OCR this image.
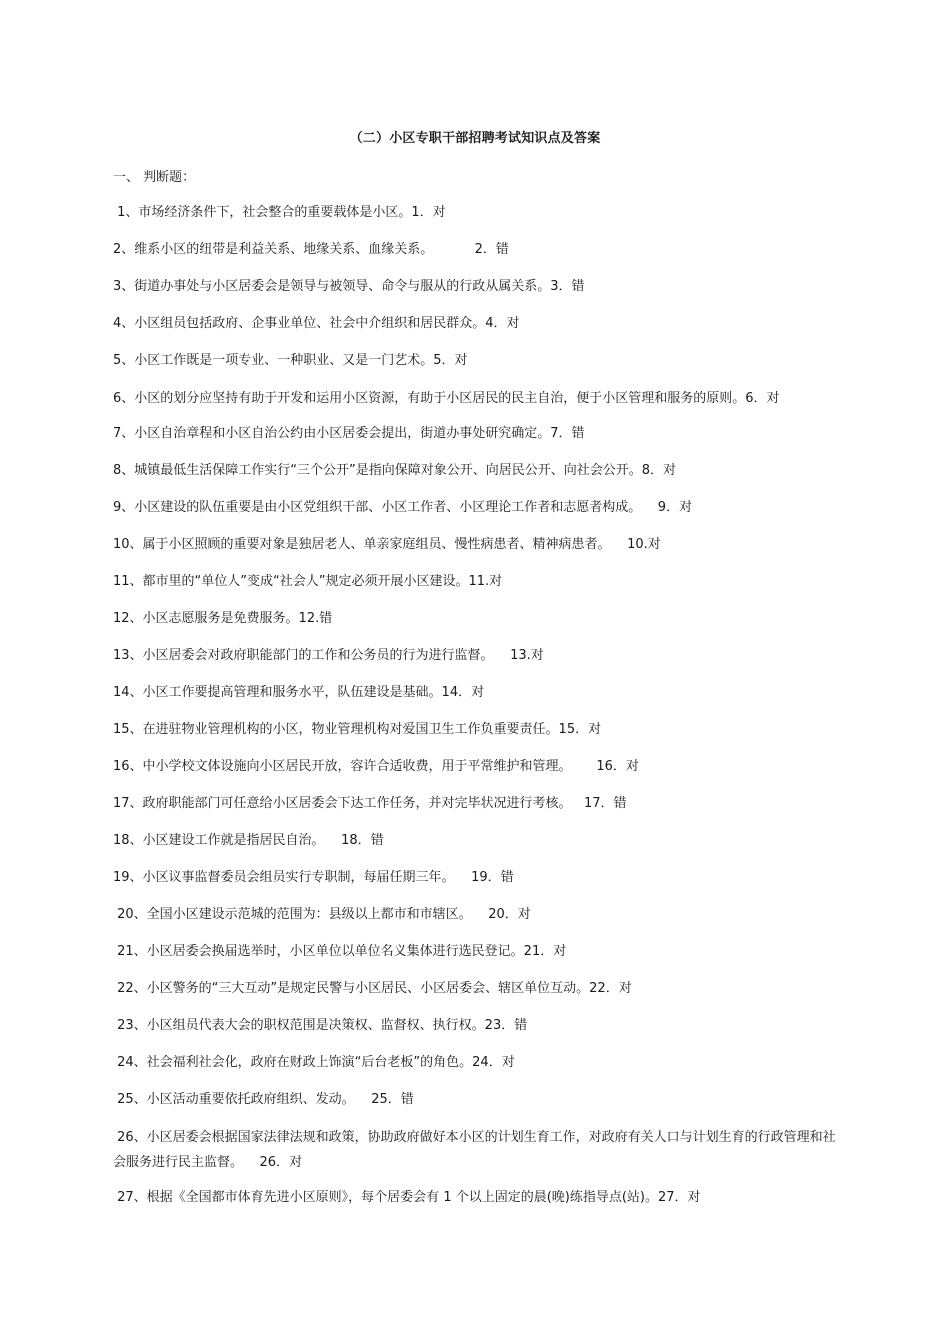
（二）小区专职干部招聘考试知识点及答案
一、 判断题：

1、市场经济条件下，社会整合的重要载体是小区。1．对

2、维系小区的纽带是利益关系、地缘关系、血缘关系。          2．错

3、街道办事处与小区居委会是领导与被领导、命令与服从的行政从属关系。3．错

4、小区组员包括政府、企事业单位、社会中介组织和居民群众。4．对

5、小区工作既是一项专业、一种职业、又是一门艺术。5．对

6、小区的划分应坚持有助于开发和运用小区资源，有助于小区居民的民主自治，便于小区管理和服务的原则。6．对

7、小区自治章程和小区自治公约由小区居委会提出，街道办事处研究确定。7．错

8、城镇最低生活保障工作实行“三个公开”是指向保障对象公开、向居民公开、向社会公开。8．对

9、小区建设的队伍重要是由小区党组织干部、小区工作者、小区理论工作者和志愿者构成。    9．对

10、属于小区照顾的重要对象是独居老人、单亲家庭组员、慢性病患者、精神病患者。    10.对

11、都市里的“单位人”变成“社会人”规定必须开展小区建设。11.对

12、小区志愿服务是免费服务。12.错

13、小区居委会对政府职能部门的工作和公务员的行为进行监督。    13.对

14、小区工作要提高管理和服务水平，队伍建设是基础。14．对

15、在进驻物业管理机构的小区，物业管理机构对爱国卫生工作负重要责任。15．对

16、中小学校文体设施向小区居民开放，容许合适收费，用于平常维护和管理。      16．对

17、政府职能部门可任意给小区居委会下达工作任务，并对完毕状况进行考核。   17．错

18、小区建设工作就是指居民自治。    18．错

19、小区议事监督委员会组员实行专职制，每届任期三年。    19．错

20、全国小区建设示范城的范围为：县级以上都市和市辖区。    20．对

21、小区居委会换届选举时，小区单位以单位名义集体进行选民登记。21．对

22、小区警务的“三大互动”是规定民警与小区居民、小区居委会、辖区单位互动。22．对

23、小区组员代表大会的职权范围是决策权、监督权、执行权。23．错

24、社会福利社会化，政府在财政上饰演“后台老板”的角色。24．对

25、小区活动重要依托政府组织、发动。    25．错

26、小区居委会根据国家法律法规和政策，协助政府做好本小区的计划生育工作，对政府有关人口与计划生育的行政管理和社会服务进行民主监督。    26．对

27、根据《全国都市体育先进小区原则》，每个居委会有 1 个以上固定的晨(晚)练指导点(站)。27．对
